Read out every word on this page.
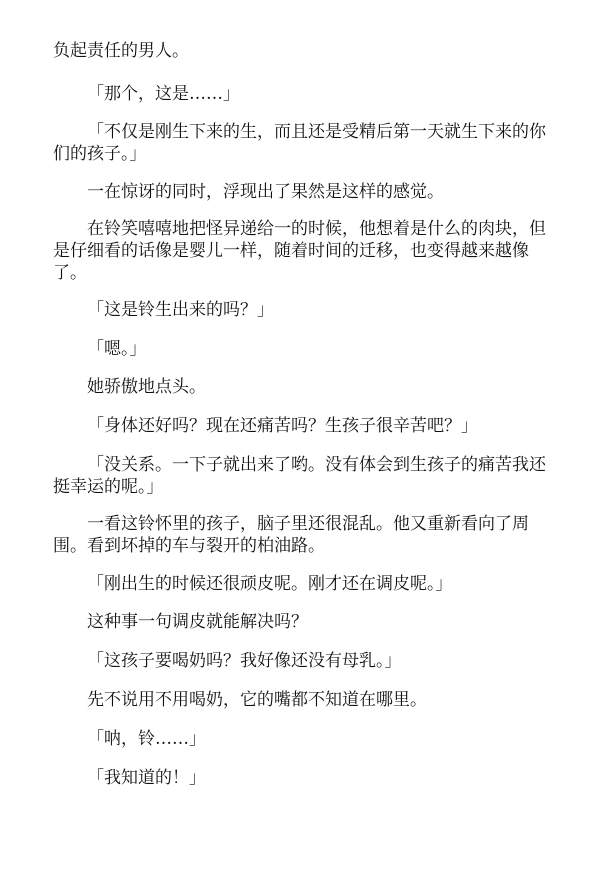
负起责任的男人。

「那个，这是……」

「不仅是刚生下来的生，而且还是受精后第一天就生下来的你们的孩子。」

一在惊讶的同时，浮现出了果然是这样的感觉。

在铃笑嘻嘻地把怪异递给一的时候，他想着是什么的肉块，但是仔细看的话像是婴儿一样，随着时间的迁移，也变得越来越像了。

「这是铃生出来的吗？」

「嗯。」

她骄傲地点头。

「身体还好吗？现在还痛苦吗？生孩子很辛苦吧？」

「没关系。一下子就出来了哟。没有体会到生孩子的痛苦我还挺幸运的呢。」

一看这铃怀里的孩子，脑子里还很混乱。他又重新看向了周围。看到坏掉的车与裂开的柏油路。

「刚出生的时候还很顽皮呢。刚才还在调皮呢。」

这种事一句调皮就能解决吗？

「这孩子要喝奶吗？我好像还没有母乳。」

先不说用不用喝奶，它的嘴都不知道在哪里。

「呐，铃……」

「我知道的！」
